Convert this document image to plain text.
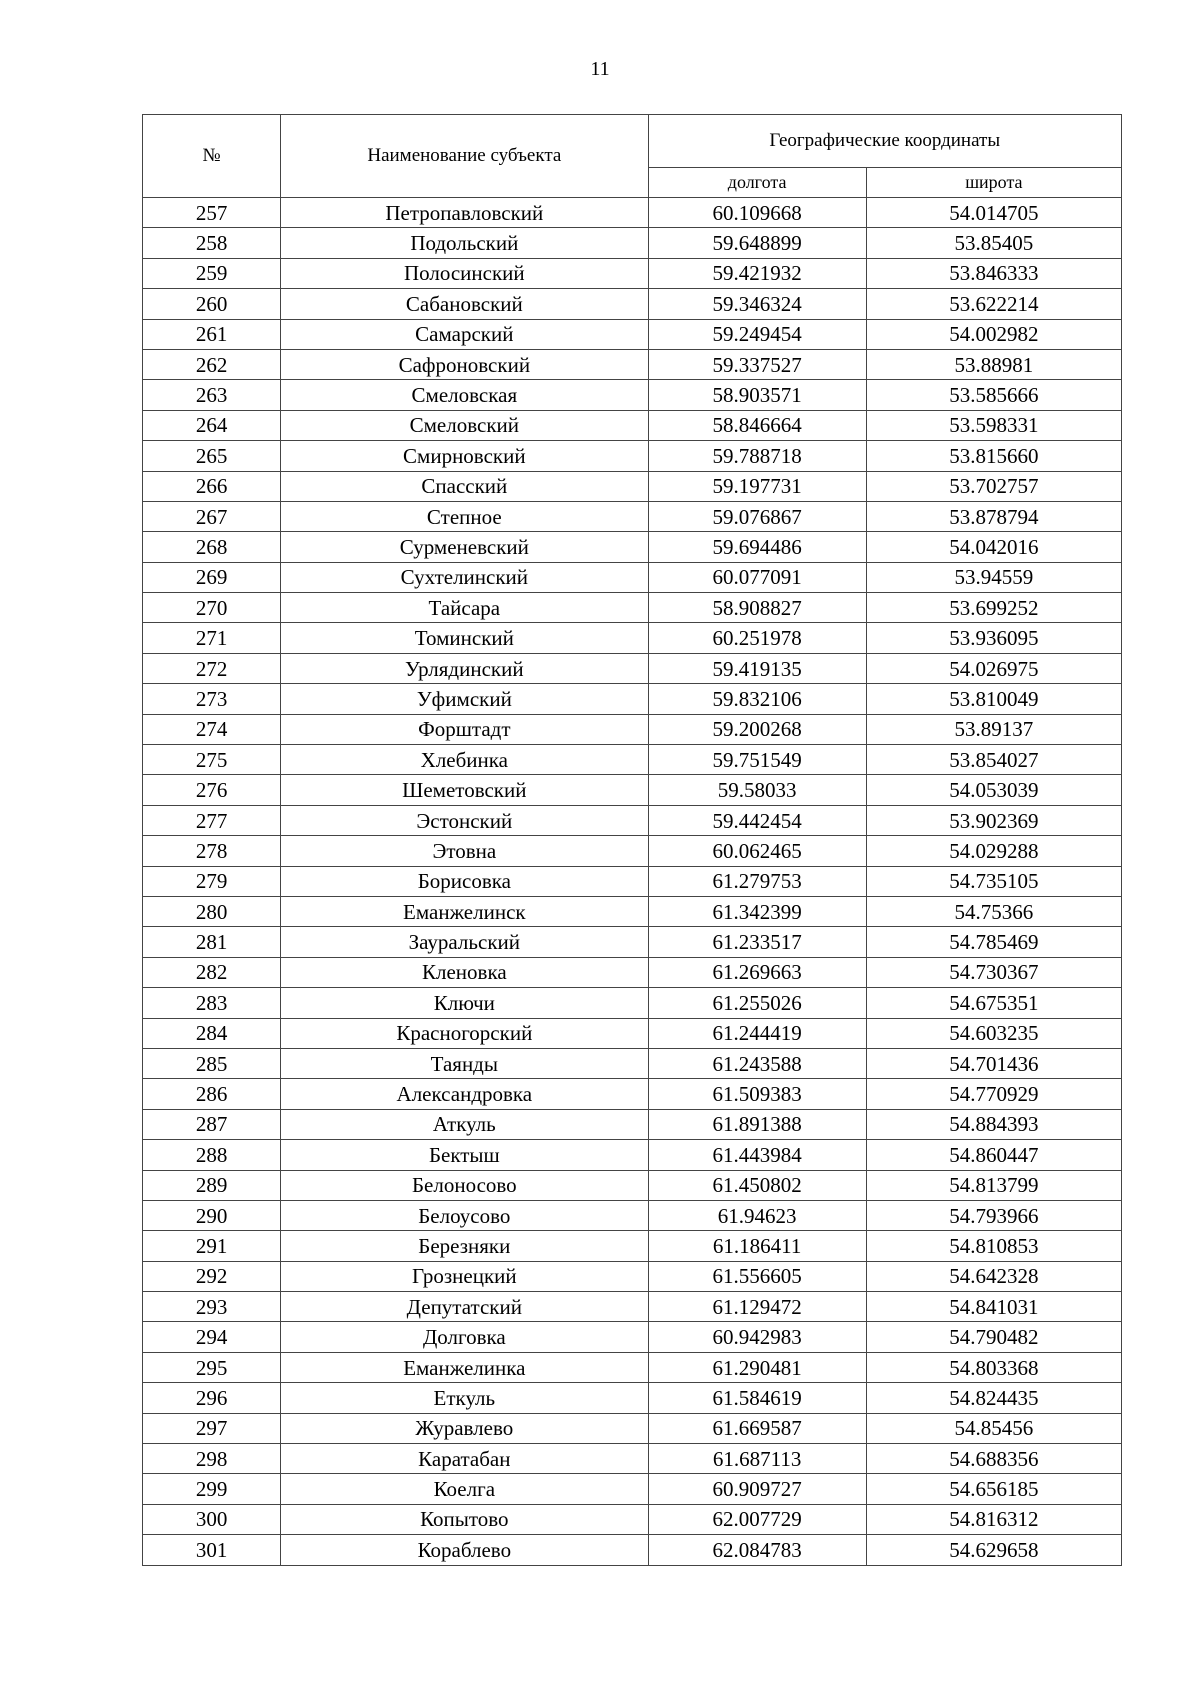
11
№	Наименование субъекта	Географические координаты	
		долгота	широта
257	Петропавловский	60.109668	54.014705
258	Подольский	59.648899	53.85405
259	Полосинский	59.421932	53.846333
260	Сабановский	59.346324	53.622214
261	Самарский	59.249454	54.002982
262	Сафроновский	59.337527	53.88981
263	Смеловская	58.903571	53.585666
264	Смеловский	58.846664	53.598331
265	Смирновский	59.788718	53.815660
266	Спасский	59.197731	53.702757
267	Степное	59.076867	53.878794
268	Сурменевский	59.694486	54.042016
269	Сухтелинский	60.077091	53.94559
270	Тайсара	58.908827	53.699252
271	Томинский	60.251978	53.936095
272	Урлядинский	59.419135	54.026975
273	Уфимский	59.832106	53.810049
274	Форштадт	59.200268	53.89137
275	Хлебинка	59.751549	53.854027
276	Шеметовский	59.58033	54.053039
277	Эстонский	59.442454	53.902369
278	Этовна	60.062465	54.029288
279	Борисовка	61.279753	54.735105
280	Еманжелинск	61.342399	54.75366
281	Зауральский	61.233517	54.785469
282	Кленовка	61.269663	54.730367
283	Ключи	61.255026	54.675351
284	Красногорский	61.244419	54.603235
285	Таянды	61.243588	54.701436
286	Александровка	61.509383	54.770929
287	Аткуль	61.891388	54.884393
288	Бектыш	61.443984	54.860447
289	Белоносово	61.450802	54.813799
290	Белоусово	61.94623	54.793966
291	Березняки	61.186411	54.810853
292	Грознецкий	61.556605	54.642328
293	Депутатский	61.129472	54.841031
294	Долговка	60.942983	54.790482
295	Еманжелинка	61.290481	54.803368
296	Еткуль	61.584619	54.824435
297	Журавлево	61.669587	54.85456
298	Каратабан	61.687113	54.688356
299	Коелга	60.909727	54.656185
300	Копытово	62.007729	54.816312
301	Кораблево	62.084783	54.629658
